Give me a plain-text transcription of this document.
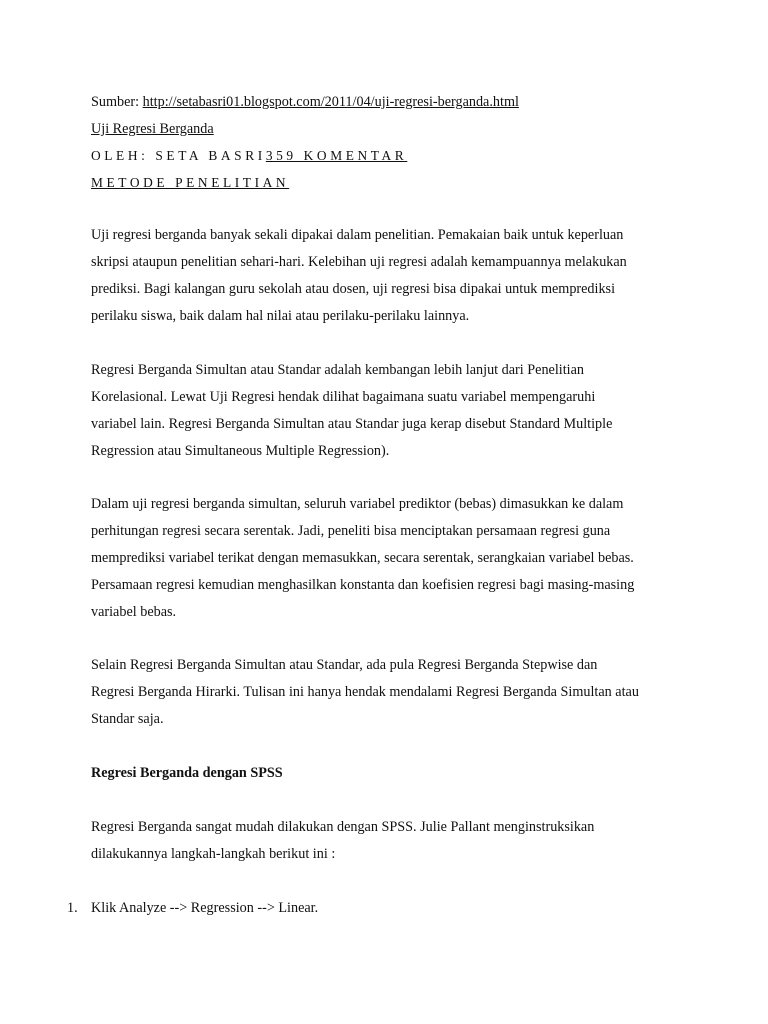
Sumber: http://setabasri01.blogspot.com/2011/04/uji-regresi-berganda.html
Uji Regresi Berganda
OLEH: SETA BASRI359 KOMENTAR
METODE PENELITIAN
Uji regresi berganda banyak sekali dipakai dalam penelitian. Pemakaian baik untuk keperluan
skripsi ataupun penelitian sehari-hari. Kelebihan uji regresi adalah kemampuannya melakukan
prediksi. Bagi kalangan guru sekolah atau dosen, uji regresi bisa dipakai untuk memprediksi
perilaku siswa, baik dalam hal nilai atau perilaku-perilaku lainnya.
Regresi Berganda Simultan atau Standar adalah kembangan lebih lanjut dari Penelitian
Korelasional. Lewat Uji Regresi hendak dilihat bagaimana suatu variabel mempengaruhi
variabel lain. Regresi Berganda Simultan atau Standar juga kerap disebut Standard Multiple
Regression atau Simultaneous Multiple Regression).
Dalam uji regresi berganda simultan, seluruh variabel prediktor (bebas) dimasukkan ke dalam
perhitungan regresi secara serentak. Jadi, peneliti bisa menciptakan persamaan regresi guna
memprediksi variabel terikat dengan memasukkan, secara serentak, serangkaian variabel bebas.
Persamaan regresi kemudian menghasilkan konstanta dan koefisien regresi bagi masing-masing
variabel bebas.
Selain Regresi Berganda Simultan atau Standar, ada pula Regresi Berganda Stepwise dan
Regresi Berganda Hirarki. Tulisan ini hanya hendak mendalami Regresi Berganda Simultan atau
Standar saja.
Regresi Berganda dengan SPSS
Regresi Berganda sangat mudah dilakukan dengan SPSS. Julie Pallant menginstruksikan
dilakukannya langkah-langkah berikut ini :
1. Klik Analyze --> Regression --> Linear.
